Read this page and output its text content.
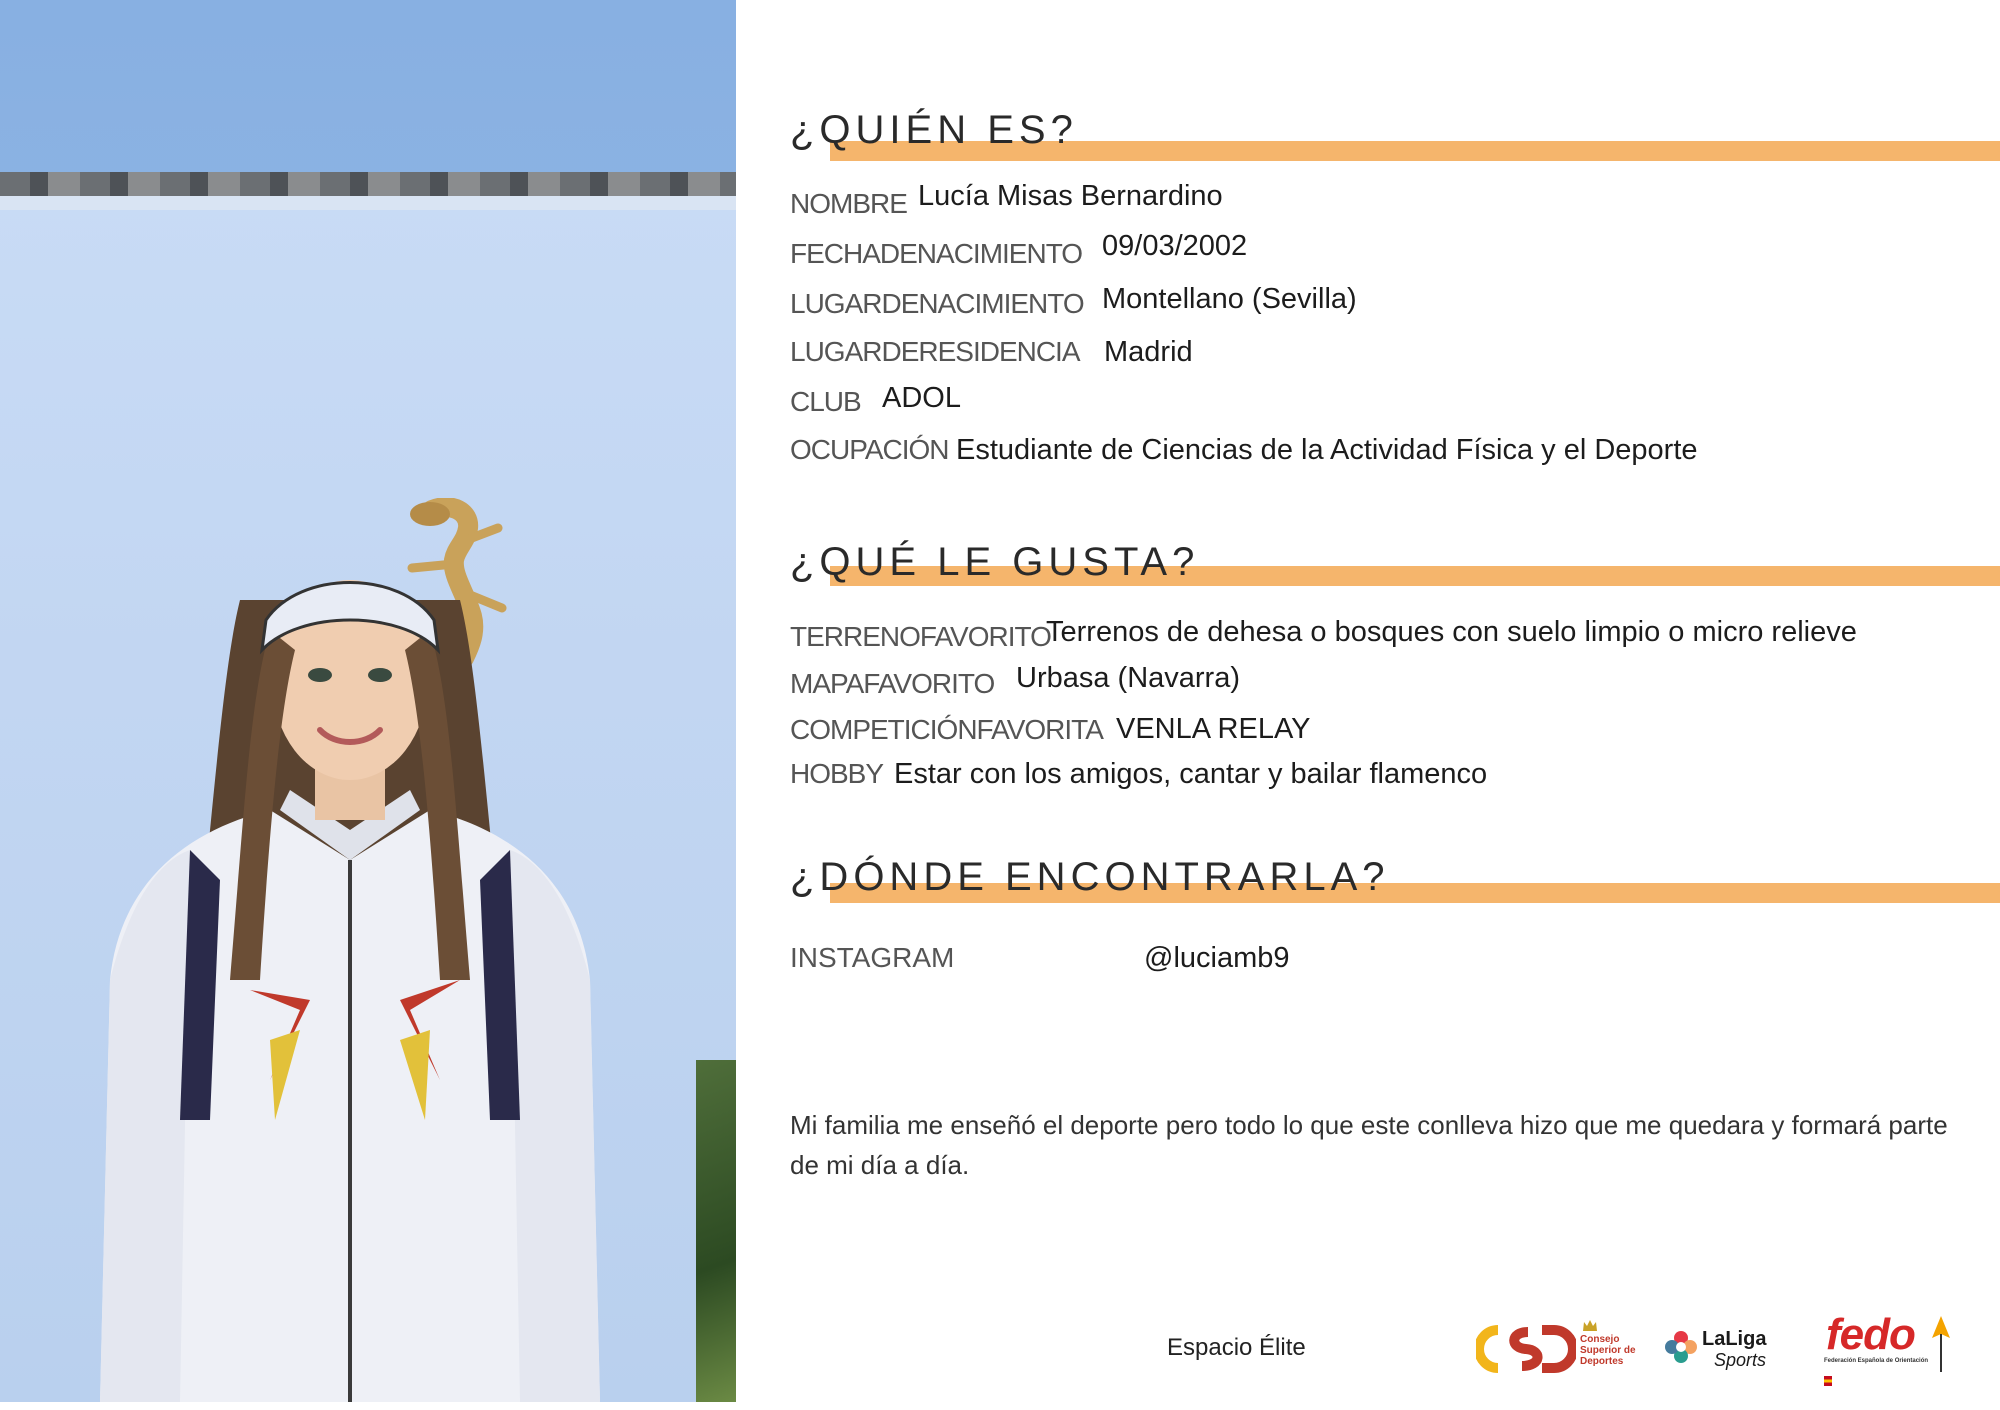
¿QUIÉN ES?
NOMBRE Lucía Misas Bernardino
FECHADENACIMIENTO 09/03/2002
LUGARDENACIMIENTO Montellano (Sevilla)
LUGARDERESIDENCIA Madrid
CLUB ADOL
OCUPACIÓN Estudiante de Ciencias de la Actividad Física y el Deporte
¿QUÉ LE GUSTA?
TERRENOFAVORITO
Terrenos de dehesa o bosques con suelo limpio o micro relieve
MAPAFAVORITO Urbasa (Navarra)
COMPETICIÓNFAVORITA VENLA RELAY
HOBBY Estar con los amigos, cantar y bailar flamenco
¿DÓNDE ENCONTRARLA?
INSTAGRAM	@luciamb9

Mi familia me enseñó el deporte pero todo lo que este conlleva hizo que me quedara y formará parte de mi día a día.

Espacio Élite	Consejo Superior de Deportes
LaLiga
Sports
fedo
Federación Española de Orientación
